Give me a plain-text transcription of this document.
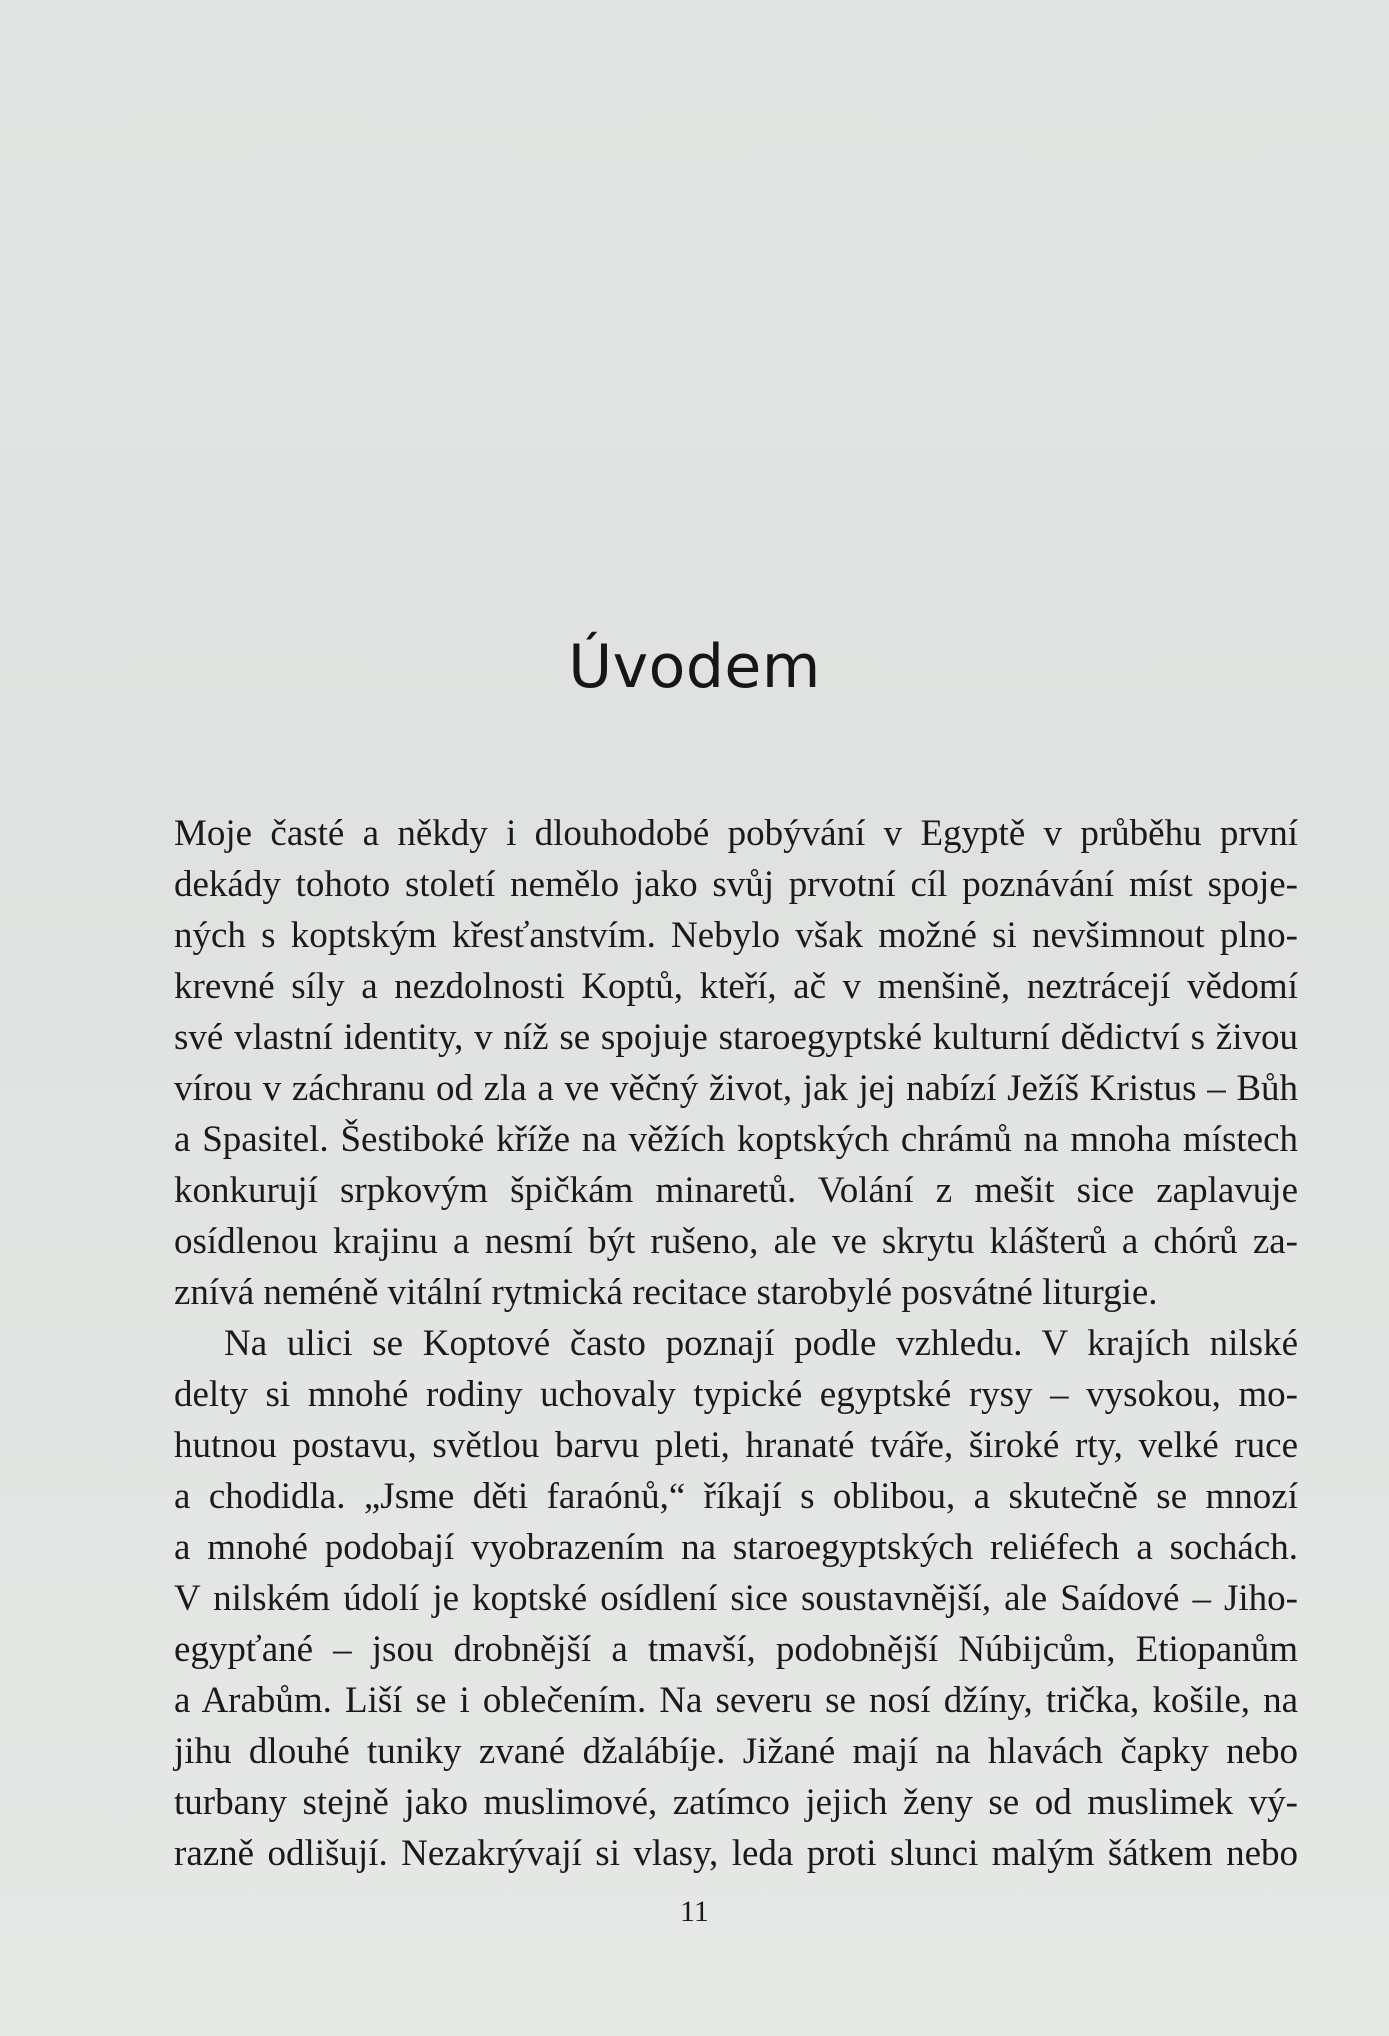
Úvodem

Moje časté a někdy i dlouhodobé pobývání v Egyptě v průběhu první
dekády tohoto století nemělo jako svůj prvotní cíl poznávání míst spoje-
ných s koptským křesťanstvím. Nebylo však možné si nevšimnout plno-
krevné síly a nezdolnosti Koptů, kteří, ač v menšině, neztrácejí vědomí
své vlastní identity, v níž se spojuje staroegyptské kulturní dědictví s živou
vírou v záchranu od zla a ve věčný život, jak jej nabízí Ježíš Kristus – Bůh
a Spasitel. Šestiboké kříže na věžích koptských chrámů na mnoha místech
konkurují srpkovým špičkám minaretů. Volání z mešit sice zaplavuje
osídlenou krajinu a nesmí být rušeno, ale ve skrytu klášterů a chórů za-
znívá neméně vitální rytmická recitace starobylé posvátné liturgie.

Na ulici se Koptové často poznají podle vzhledu. V krajích nilské
delty si mnohé rodiny uchovaly typické egyptské rysy – vysokou, mo-
hutnou postavu, světlou barvu pleti, hranaté tváře, široké rty, velké ruce
a chodidla. „Jsme děti faraónů,“ říkají s oblibou, a skutečně se mnozí
a mnohé podobají vyobrazením na staroegyptských reliéfech a sochách.
V nilském údolí je koptské osídlení sice soustavnější, ale Saídové – Jiho-
egypťané – jsou drobnější a tmavší, podobnější Núbijcům, Etiopanům
a Arabům. Liší se i oblečením. Na severu se nosí džíny, trička, košile, na
jihu dlouhé tuniky zvané džalábíje. Jižané mají na hlavách čapky nebo
turbany stejně jako muslimové, zatímco jejich ženy se od muslimek vý-
razně odlišují. Nezakrývají si vlasy, leda proti slunci malým šátkem nebo

11
